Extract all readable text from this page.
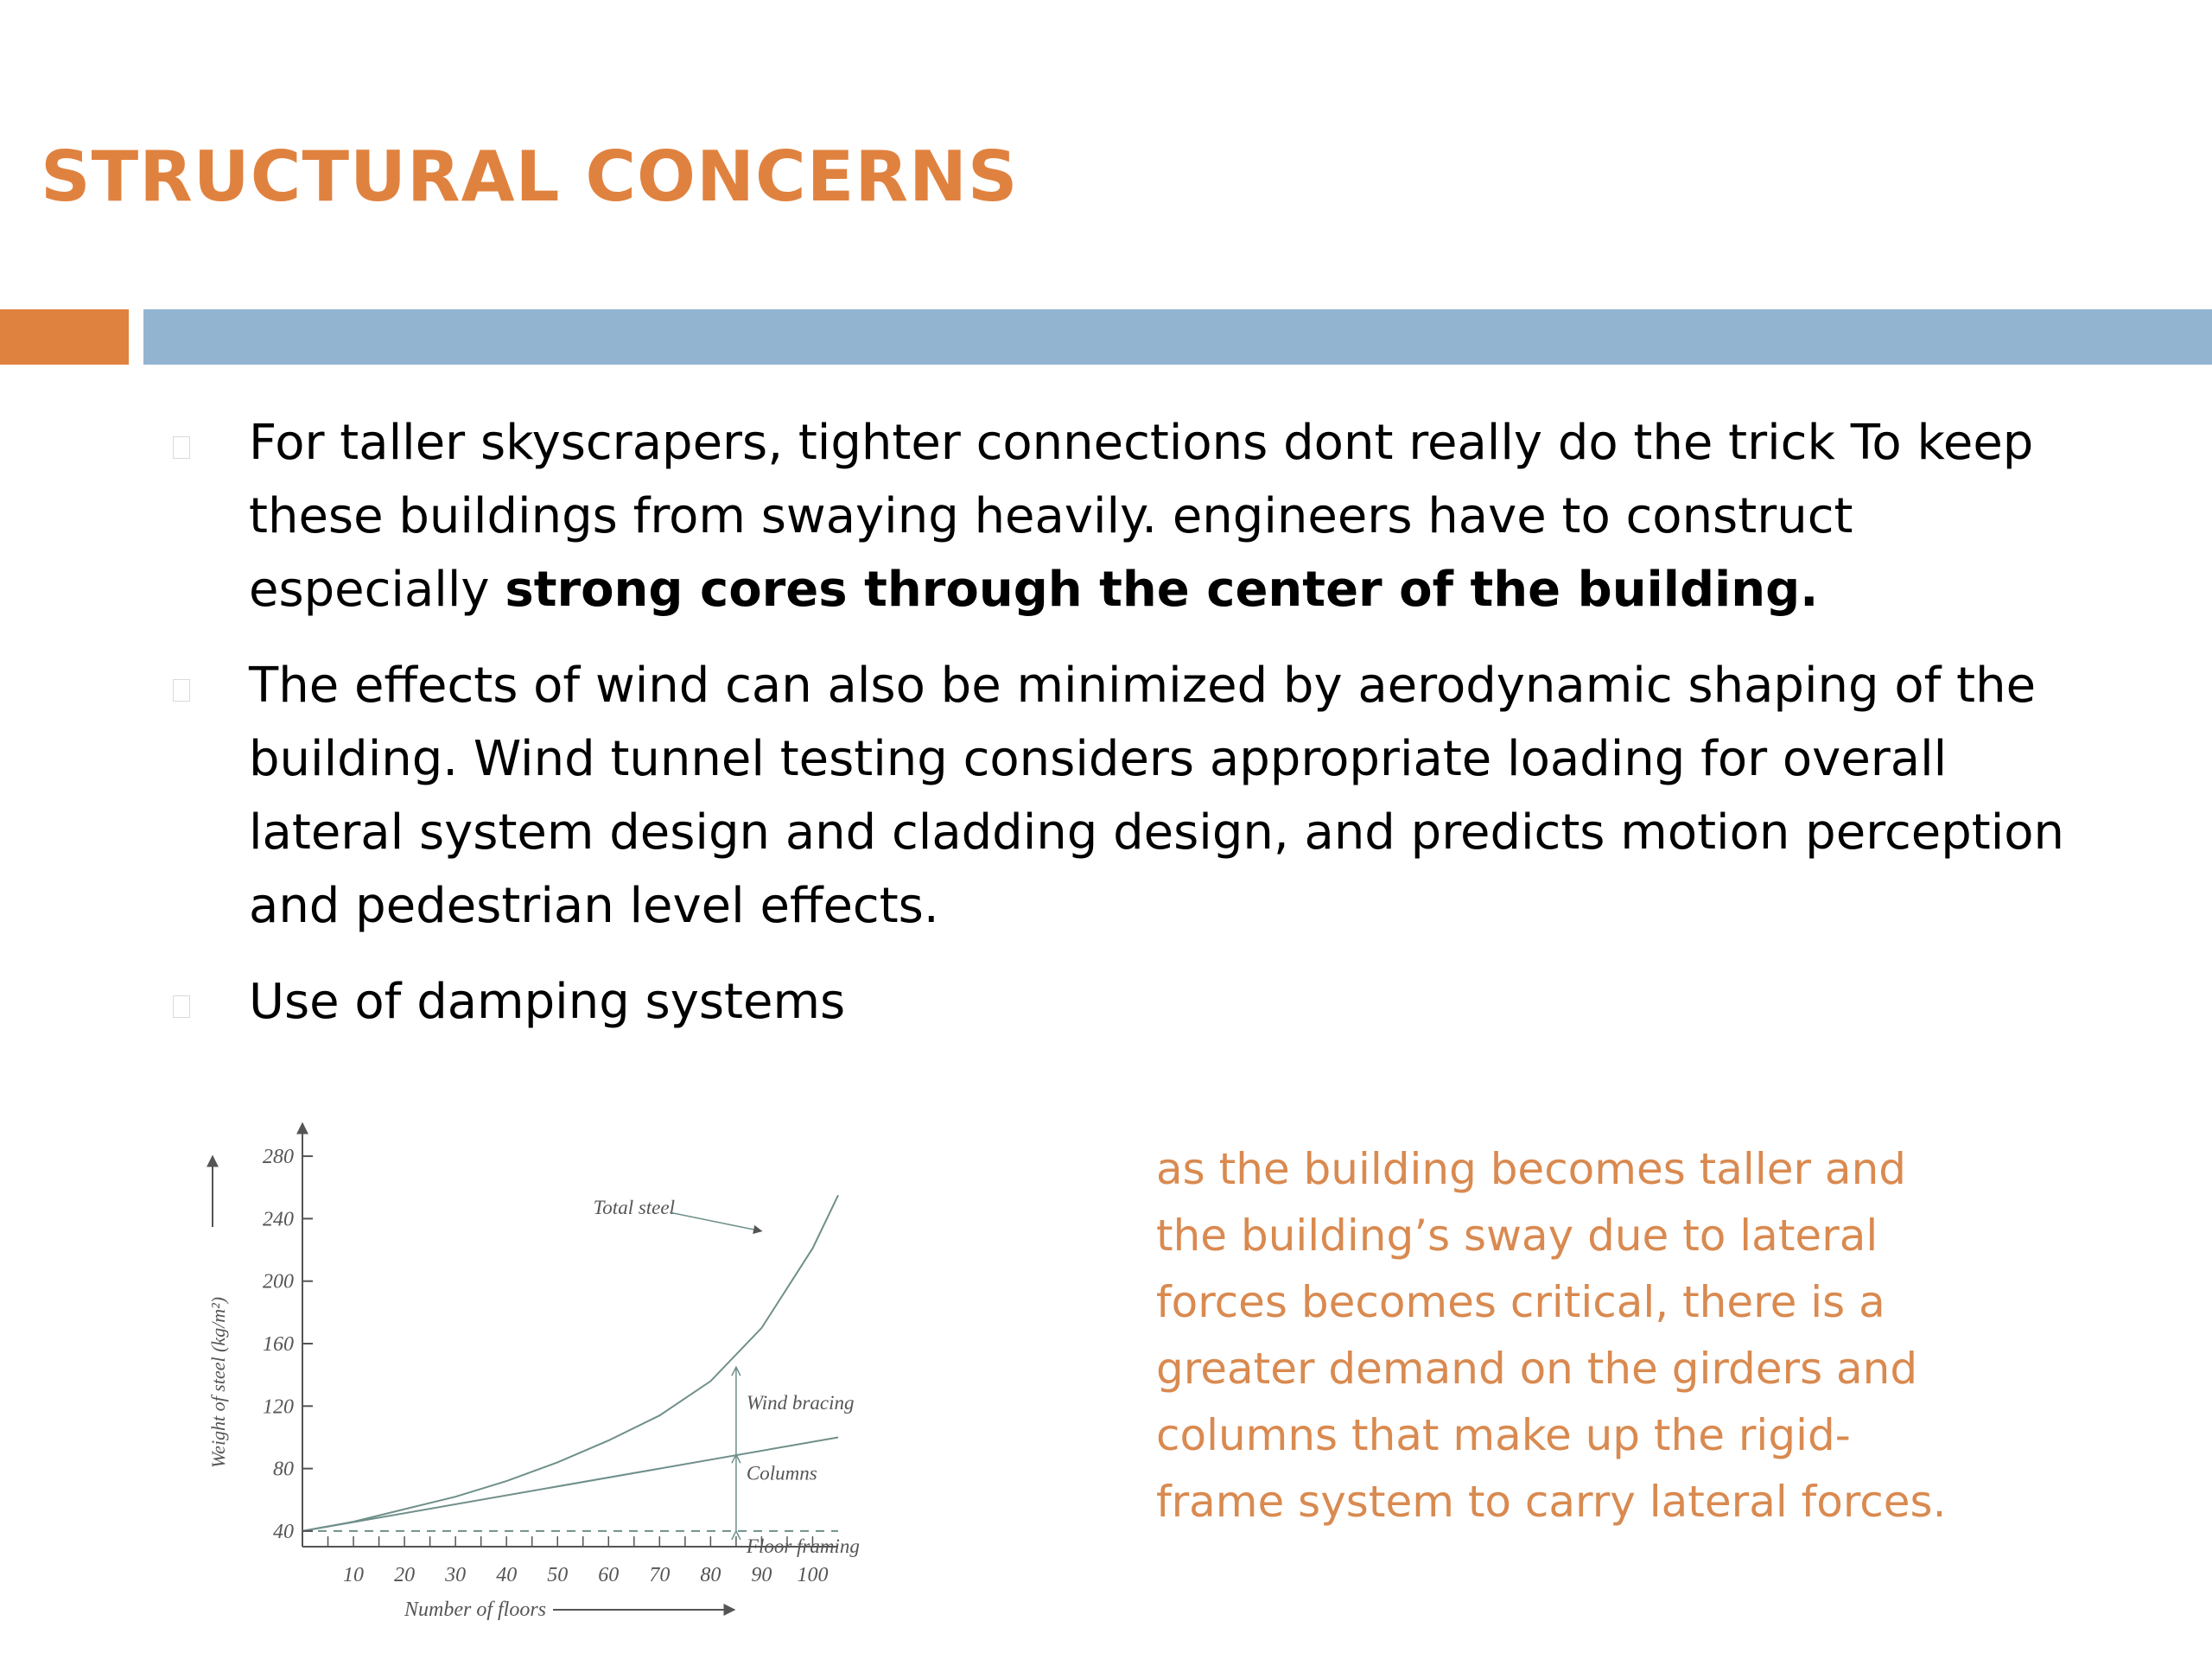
STRUCTURAL CONCERNS
For taller skyscrapers, tighter connections dont really do the trick To keep these buildings from swaying heavily. engineers have to construct especially strong cores through the center of the building.
The effects of wind can also be minimized by aerodynamic shaping of the building. Wind tunnel testing considers appropriate loading for overall lateral system design and cladding design, and predicts motion perception and pedestrian level effects.
Use of damping systems
Total steel
Wind bracing
Columns
Floor framing
40
80
120
160
200
240
280
10 20 30 40 50 60 70 80 90 100
Number of floors
Weight of steel (kg/m²)

as the building becomes taller and
the building’s sway due to lateral
forces becomes critical, there is a
greater demand on the girders and
columns that make up the rigid-
frame system to carry lateral forces.
